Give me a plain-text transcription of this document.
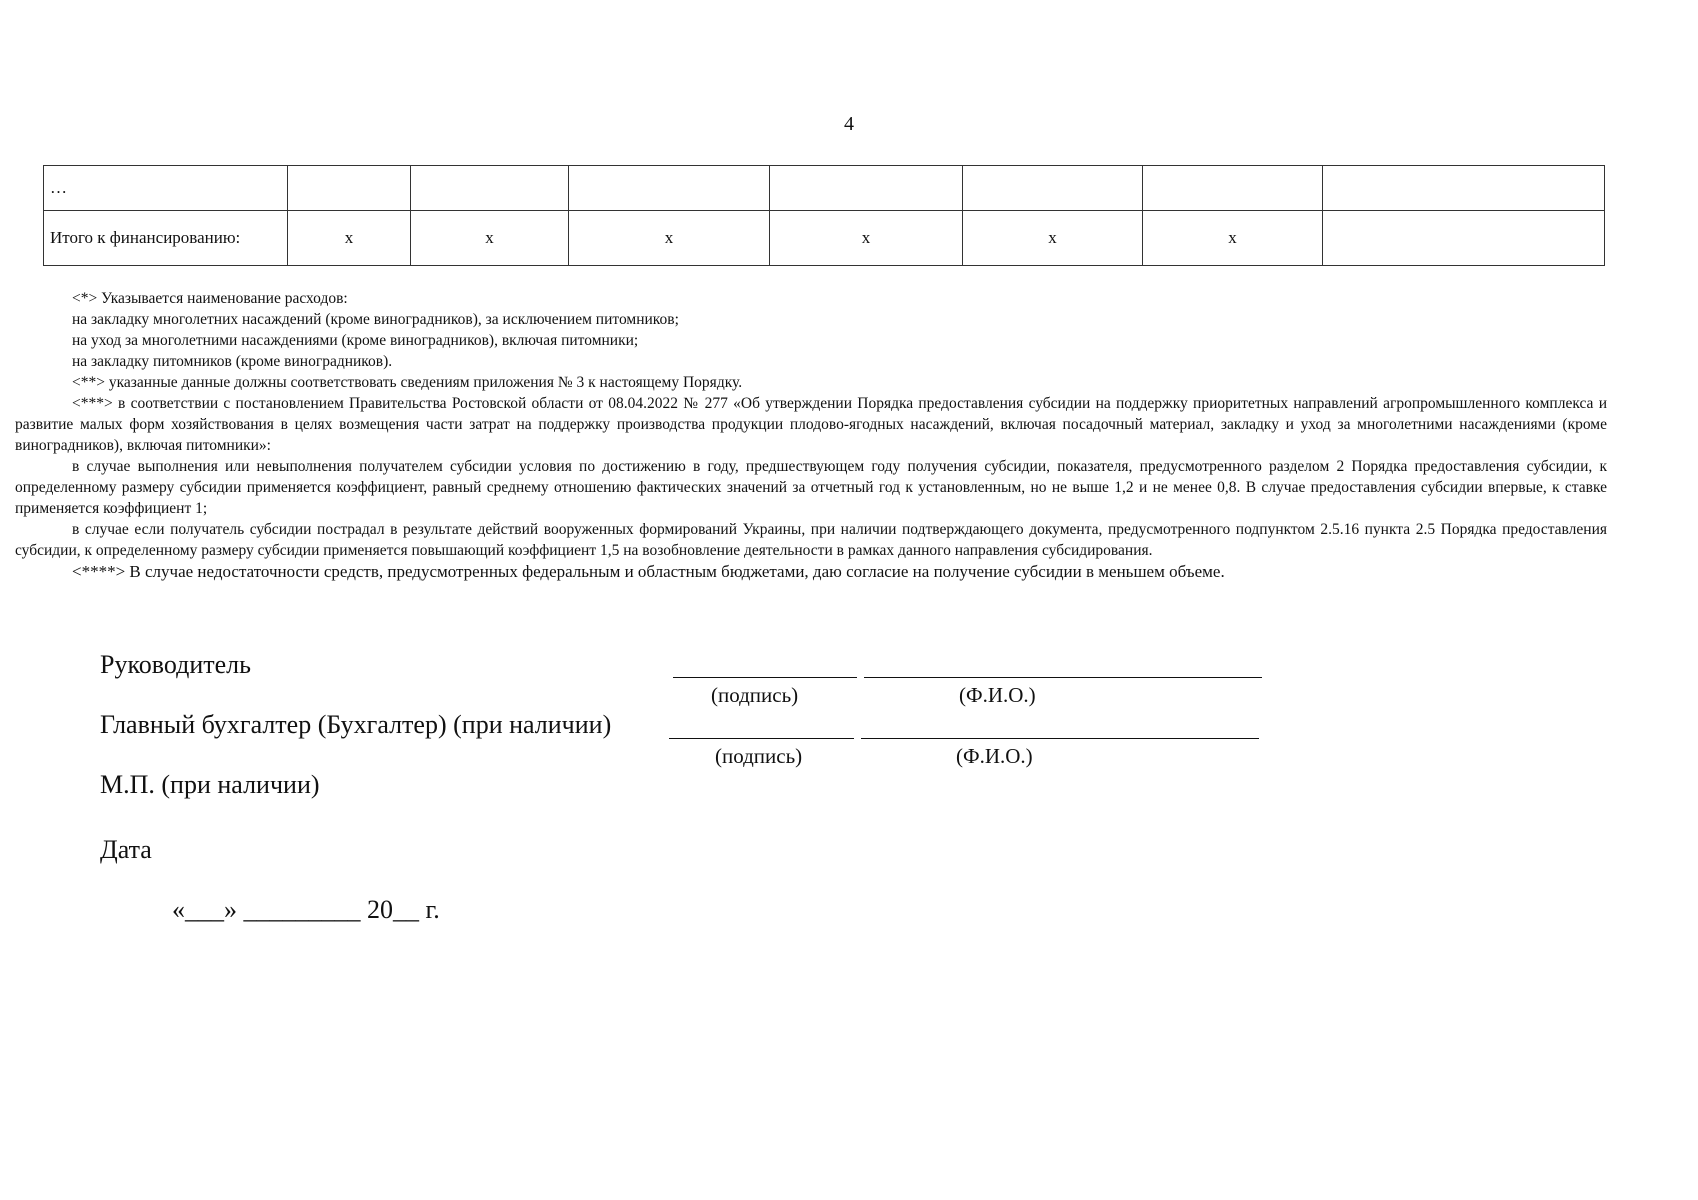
4
…							
Итого к финансированию:	x	x	x	x	x	x	

<*> Указывается наименование расходов:

на закладку многолетних насаждений (кроме виноградников), за исключением питомников;

на уход за многолетними насаждениями (кроме виноградников), включая питомники;

на закладку питомников (кроме виноградников).

<**> указанные данные должны соответствовать сведениям приложения № 3 к настоящему Порядку.

<***> в соответствии с постановлением Правительства Ростовской области от 08.04.2022 № 277 «Об утверждении Порядка предоставления субсидии на поддержку приоритетных направлений агропромышленного комплекса и развитие малых форм хозяйствования в целях возмещения части затрат на поддержку производства продукции плодово-ягодных насаждений, включая посадочный материал, закладку и уход за многолетними насаждениями (кроме виноградников), включая питомники»:

в случае выполнения или невыполнения получателем субсидии условия по достижению в году, предшествующем году получения субсидии, показателя, предусмотренного разделом 2 Порядка предоставления субсидии, к определенному размеру субсидии применяется коэффициент, равный среднему отношению фактических значений за отчетный год к установленным, но не выше 1,2 и не менее 0,8. В случае предоставления субсидии впервые, к ставке применяется коэффициент 1;

в случае если получатель субсидии пострадал в результате действий вооруженных формирований Украины, при наличии подтверждающего документа, предусмотренного подпунктом 2.5.16 пункта 2.5 Порядка предоставления субсидии, к определенному размеру субсидии применяется повышающий коэффициент 1,5 на возобновление деятельности в рамках данного направления субсидирования.

<****> В случае недостаточности средств, предусмотренных федеральным и областным бюджетами, даю согласие на получение субсидии в меньшем объеме.

Руководитель
(подпись)	(Ф.И.О.)
Главный бухгалтер (Бухгалтер) (при наличии)
(подпись)	(Ф.И.О.)
М.П. (при наличии)
Дата
«___» _________ 20__ г.
